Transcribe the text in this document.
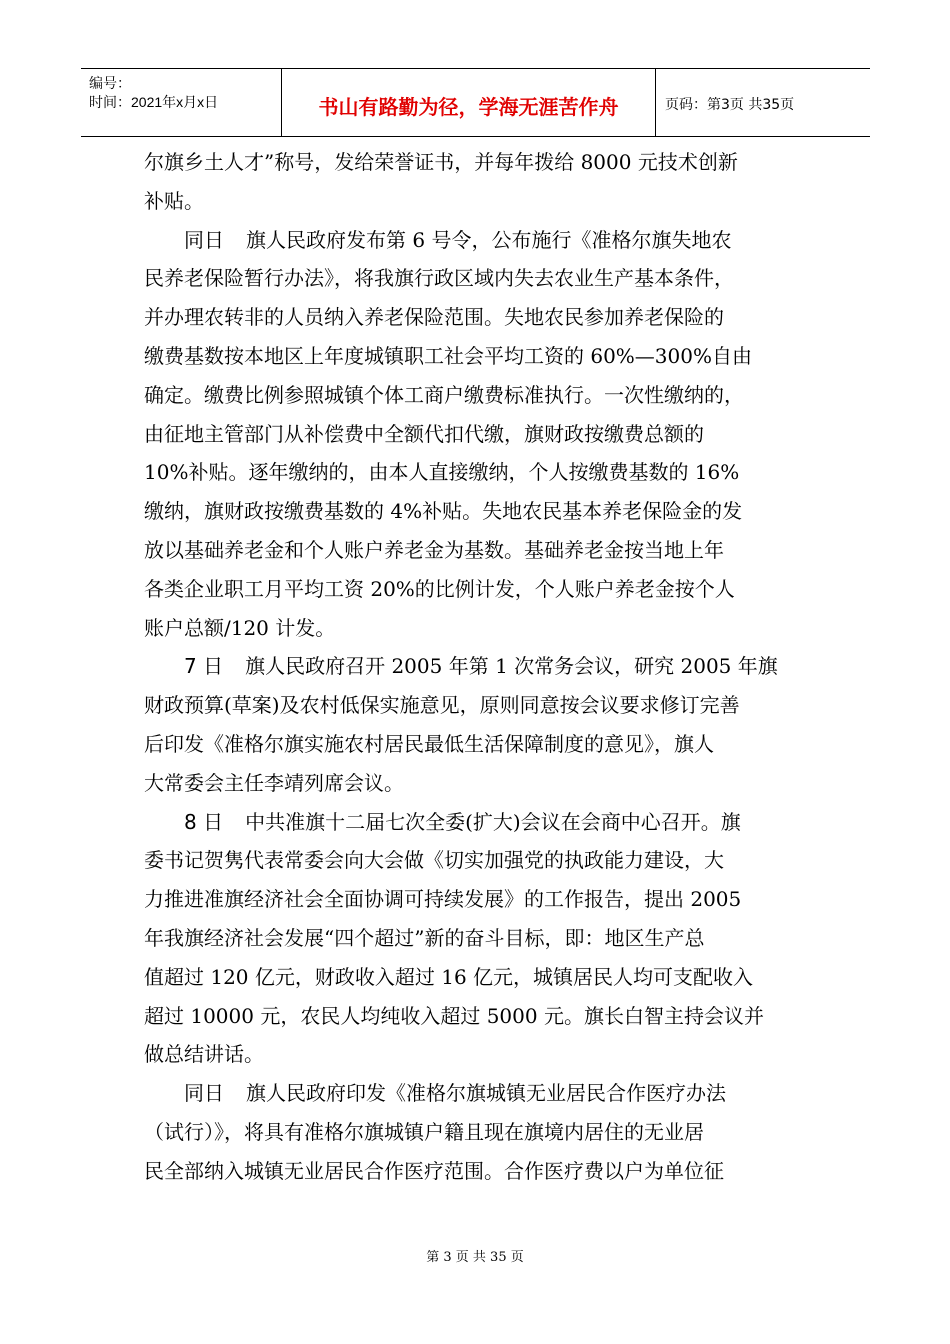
编号：
时间：2021年x月x日	书山有路勤为径，学海无涯苦作舟	页码：第3页 共35页
尔旗乡土人才”称号，发给荣誉证书，并每年拨给 8000 元技术创新
补贴。
同日 旗人民政府发布第 6 号令，公布施行《准格尔旗失地农
民养老保险暂行办法》，将我旗行政区域内失去农业生产基本条件，
并办理农转非的人员纳入养老保险范围。失地农民参加养老保险的
缴费基数按本地区上年度城镇职工社会平均工资的 60%—300%自由
确定。缴费比例参照城镇个体工商户缴费标准执行。一次性缴纳的，
由征地主管部门从补偿费中全额代扣代缴，旗财政按缴费总额的
10%补贴。逐年缴纳的，由本人直接缴纳，个人按缴费基数的 16%
缴纳，旗财政按缴费基数的 4%补贴。失地农民基本养老保险金的发
放以基础养老金和个人账户养老金为基数。基础养老金按当地上年
各类企业职工月平均工资 20%的比例计发，个人账户养老金按个人
账户总额/120 计发。
7 日 旗人民政府召开 2005 年第 1 次常务会议，研究 2005 年旗
财政预算(草案)及农村低保实施意见，原则同意按会议要求修订完善
后印发《准格尔旗实施农村居民最低生活保障制度的意见》，旗人
大常委会主任李靖列席会议。
8 日 中共准旗十二届七次全委(扩大)会议在会商中心召开。旗
委书记贺隽代表常委会向大会做《切实加强党的执政能力建设，大
力推进准旗经济社会全面协调可持续发展》的工作报告，提出 2005
年我旗经济社会发展“四个超过”新的奋斗目标，即：地区生产总
值超过 120 亿元，财政收入超过 16 亿元，城镇居民人均可支配收入
超过 10000 元，农民人均纯收入超过 5000 元。旗长白智主持会议并
做总结讲话。
同日 旗人民政府印发《准格尔旗城镇无业居民合作医疗办法
（试行）》，将具有准格尔旗城镇户籍且现在旗境内居住的无业居
民全部纳入城镇无业居民合作医疗范围。合作医疗费以户为单位征
第 3 页 共 35 页
